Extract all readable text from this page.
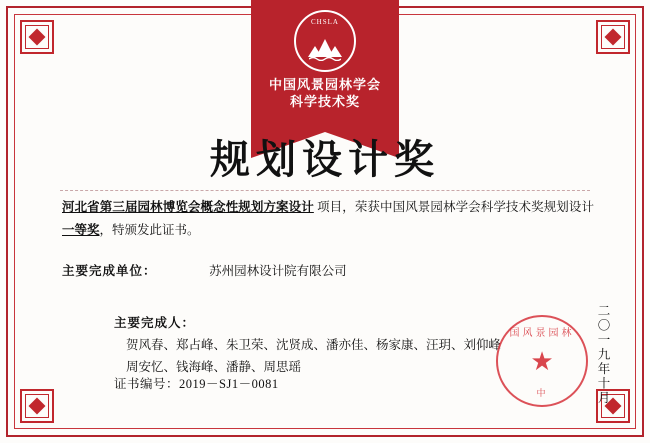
CHSLA
中国风景园林学会
科学技术奖
规划设计奖
河北省第三届园林博览会概念性规划方案设计 项目，荣获中国风景园林学会科学技术奖规划设计 一等奖，特颁发此证书。
主要完成单位：	苏州园林设计院有限公司
主要完成人： 贺风春、郑占峰、朱卫荣、沈贤成、潘亦佳、杨家康、汪玥、刘仰峰
周安忆、钱海峰、潘静、周思瑶
证书编号：2019－SJ1－0081
国风景园林
★
中	二〇一九年十月
